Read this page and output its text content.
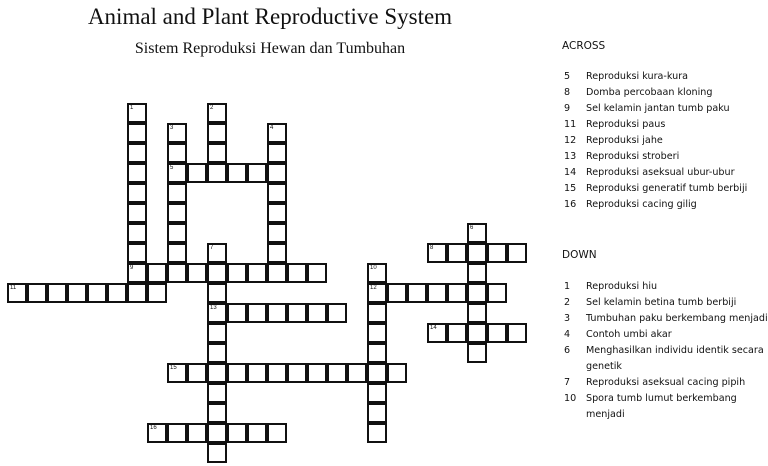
Animal and Plant Reproductive System
Sistem Reproduksi Hewan dan Tumbuhan
1
9
2
3
5
4
6
7
13
8
10
12
11
14
15
16
ACROSS
5	Reproduksi kura-kura
8	Domba percobaan kloning
9	Sel kelamin jantan tumb paku
11	Reproduksi paus
12	Reproduksi jahe
13	Reproduksi stroberi
14	Reproduksi aseksual ubur-ubur
15	Reproduksi generatif tumb berbiji
16	Reproduksi cacing gilig
DOWN
1	Reproduksi hiu
2	Sel kelamin betina tumb berbiji
3	Tumbuhan paku berkembang menjadi
4	Contoh umbi akar
6	Menghasilkan individu identik secara genetik
7	Reproduksi aseksual cacing pipih
10	Spora tumb lumut berkembang menjadi
